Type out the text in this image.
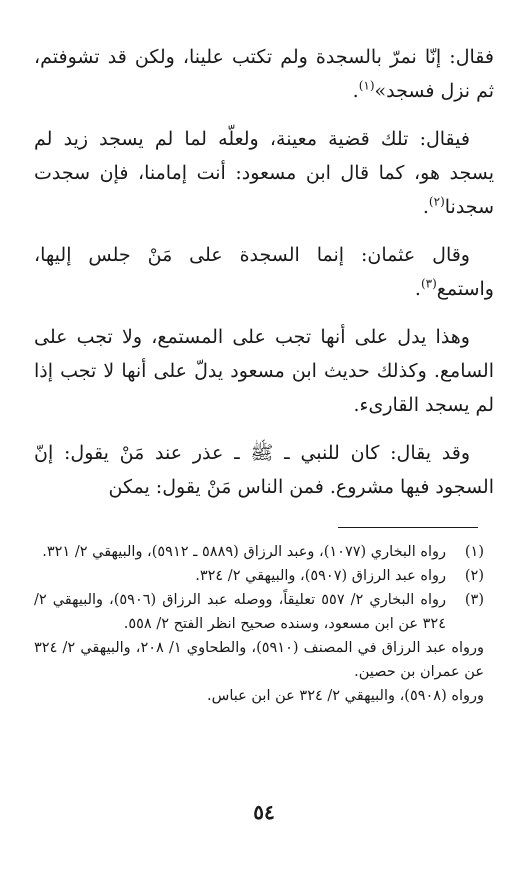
فقال: إنّا نمرّ بالسجدة ولم تكتب علينا، ولكن قد تشوفتم، ثم نزل فسجد»$^{(١)}$.

فيقال: تلك قضية معينة، ولعلّه لما لم يسجد زيد لم يسجد هو، كما قال ابن مسعود: أنت إمامنا، فإن سجدت سجدنا$^{(٢)}$.

وقال عثمان: إنما السجدة على مَنْ جلس إليها، واستمع$^{(٣)}$.

وهذا يدل على أنها تجب على المستمع، ولا تجب على السامع. وكذلك حديث ابن مسعود يدلّ على أنها لا تجب إذا لم يسجد القارىء.

وقد يقال: كان للنبي ـ ﷺ ـ عذر عند مَنْ يقول: إنّ السجود فيها مشروع. فمن الناس مَنْ يقول: يمكن

(١)
رواه البخاري (١٠٧٧)، وعبد الرزاق (٥٨٨٩ ـ ٥٩١٢)، والبيهقي ٢/ ٣٢١.
(٢)
رواه عبد الرزاق (٥٩٠٧)، والبيهقي ٢/ ٣٢٤.
(٣)
رواه البخاري ٢/ ٥٥٧ تعليقاً، ووصله عبد الرزاق (٥٩٠٦)، والبيهقي ٢/ ٣٢٤ عن ابن مسعود، وسنده صحيح انظر الفتح ٢/ ٥٥٨.
ورواه عبد الرزاق في المصنف (٥٩١٠)، والطحاوي ١/ ٢٠٨، والبيهقي ٢/ ٣٢٤ عن عمران بن حصين.
ورواه (٥٩٠٨)، والبيهقي ٢/ ٣٢٤ عن ابن عباس.
٥٤
